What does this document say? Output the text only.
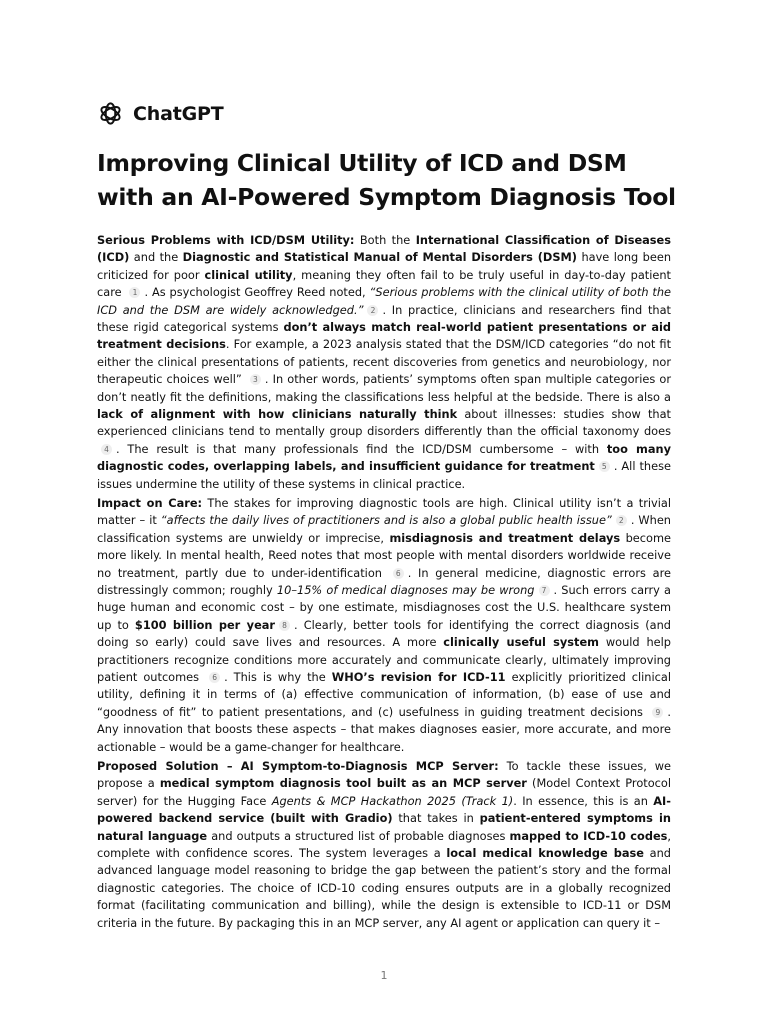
ChatGPT
Improving Clinical Utility of ICD and DSM with an AI-Powered Symptom Diagnosis Tool

Serious Problems with ICD/DSM Utility: Both the International Classification of Diseases (ICD) and the Diagnostic and Statistical Manual of Mental Disorders (DSM) have long been criticized for poor clinical utility, meaning they often fail to be truly useful in day-to-day patient care 1 . As psychologist Geoffrey Reed noted, “Serious problems with the clinical utility of both the ICD and the DSM are widely acknowledged.” 2 . In practice, clinicians and researchers find that these rigid categorical systems don’t always match real-world patient presentations or aid treatment decisions. For example, a 2023 analysis stated that the DSM/ICD categories “do not fit either the clinical presentations of patients, recent discoveries from genetics and neurobiology, nor therapeutic choices well” 3 . In other words, patients’ symptoms often span multiple categories or don’t neatly fit the definitions, making the classifications less helpful at the bedside. There is also a lack of alignment with how clinicians naturally think about illnesses: studies show that experienced clinicians tend to mentally group disorders differently than the official taxonomy does 4 . The result is that many professionals find the ICD/DSM cumbersome – with too many diagnostic codes, overlapping labels, and insufficient guidance for treatment 5 . All these issues undermine the utility of these systems in clinical practice.

Impact on Care: The stakes for improving diagnostic tools are high. Clinical utility isn’t a trivial matter – it “affects the daily lives of practitioners and is also a global public health issue” 2 . When classification systems are unwieldy or imprecise, misdiagnosis and treatment delays become more likely. In mental health, Reed notes that most people with mental disorders worldwide receive no treatment, partly due to under-identification 6 . In general medicine, diagnostic errors are distressingly common; roughly 10–15% of medical diagnoses may be wrong 7 . Such errors carry a huge human and economic cost – by one estimate, misdiagnoses cost the U.S. healthcare system up to $100 billion per year 8 . Clearly, better tools for identifying the correct diagnosis (and doing so early) could save lives and resources. A more clinically useful system would help practitioners recognize conditions more accurately and communicate clearly, ultimately improving patient outcomes 6 . This is why the WHO’s revision for ICD-11 explicitly prioritized clinical utility, defining it in terms of (a) effective communication of information, (b) ease of use and “goodness of fit” to patient presentations, and (c) usefulness in guiding treatment decisions 9 . Any innovation that boosts these aspects – that makes diagnoses easier, more accurate, and more actionable – would be a game-changer for healthcare.

Proposed Solution – AI Symptom-to-Diagnosis MCP Server: To tackle these issues, we propose a medical symptom diagnosis tool built as an MCP server (Model Context Protocol server) for the Hugging Face Agents & MCP Hackathon 2025 (Track 1). In essence, this is an AI-powered backend service (built with Gradio) that takes in patient-entered symptoms in natural language and outputs a structured list of probable diagnoses mapped to ICD-10 codes, complete with confidence scores. The system leverages a local medical knowledge base and advanced language model reasoning to bridge the gap between the patient’s story and the formal diagnostic categories. The choice of ICD-10 coding ensures outputs are in a globally recognized format (facilitating communication and billing), while the design is extensible to ICD-11 or DSM criteria in the future. By packaging this in an MCP server, any AI agent or application can query it –

1
